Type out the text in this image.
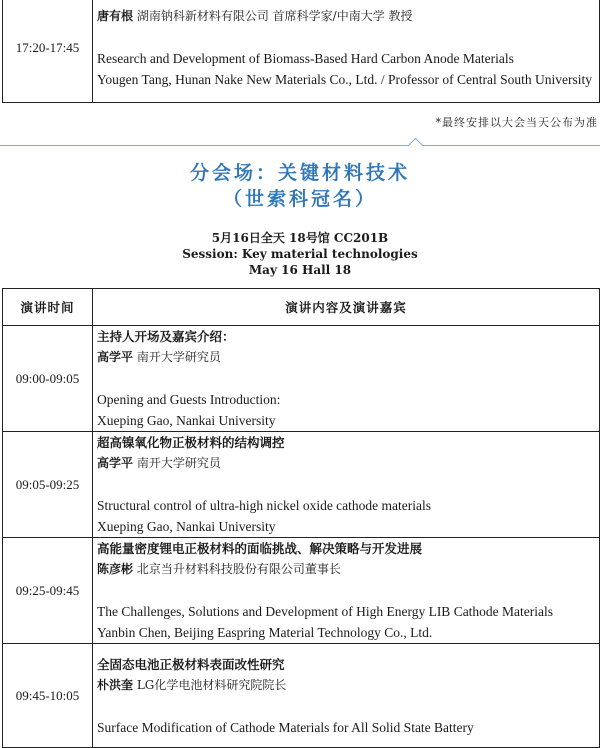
17:20-17:45	
唐有根 湖南钠科新材料有限公司 首席科学家/中南大学 教授
Research and Development of Biomass-Based Hard Carbon Anode Materials
Yougen Tang, Hunan Nake New Materials Co., Ltd. / Professor of Central South University
*最终安排以大会当天公布为准
分会场：关键材料技术
（世索科冠名）
5月16日全天 18号馆 CC201B
Session: Key material technologies
May 16 Hall 18
演讲时间	演讲内容及演讲嘉宾
09:00-09:05	主持人开场及嘉宾介绍：
高学平 南开大学研究员
Opening and Guests Introduction:
Xueping Gao, Nankai University

09:05-09:25	超高镍氧化物正极材料的结构调控
高学平 南开大学研究员
Structural control of ultra-high nickel oxide cathode materials
Xueping Gao, Nankai University

09:25-09:45	高能量密度锂电正极材料的面临挑战、解决策略与开发进展
陈彦彬 北京当升材料科技股份有限公司董事长
The Challenges, Solutions and Development of High Energy LIB Cathode Materials
Yanbin Chen, Beijing Easpring Material Technology Co., Ltd.

09:45-10:05	全固态电池正极材料表面改性研究
朴洪奎 LG化学电池材料研究院院长
Surface Modification of Cathode Materials for All Solid State Battery
